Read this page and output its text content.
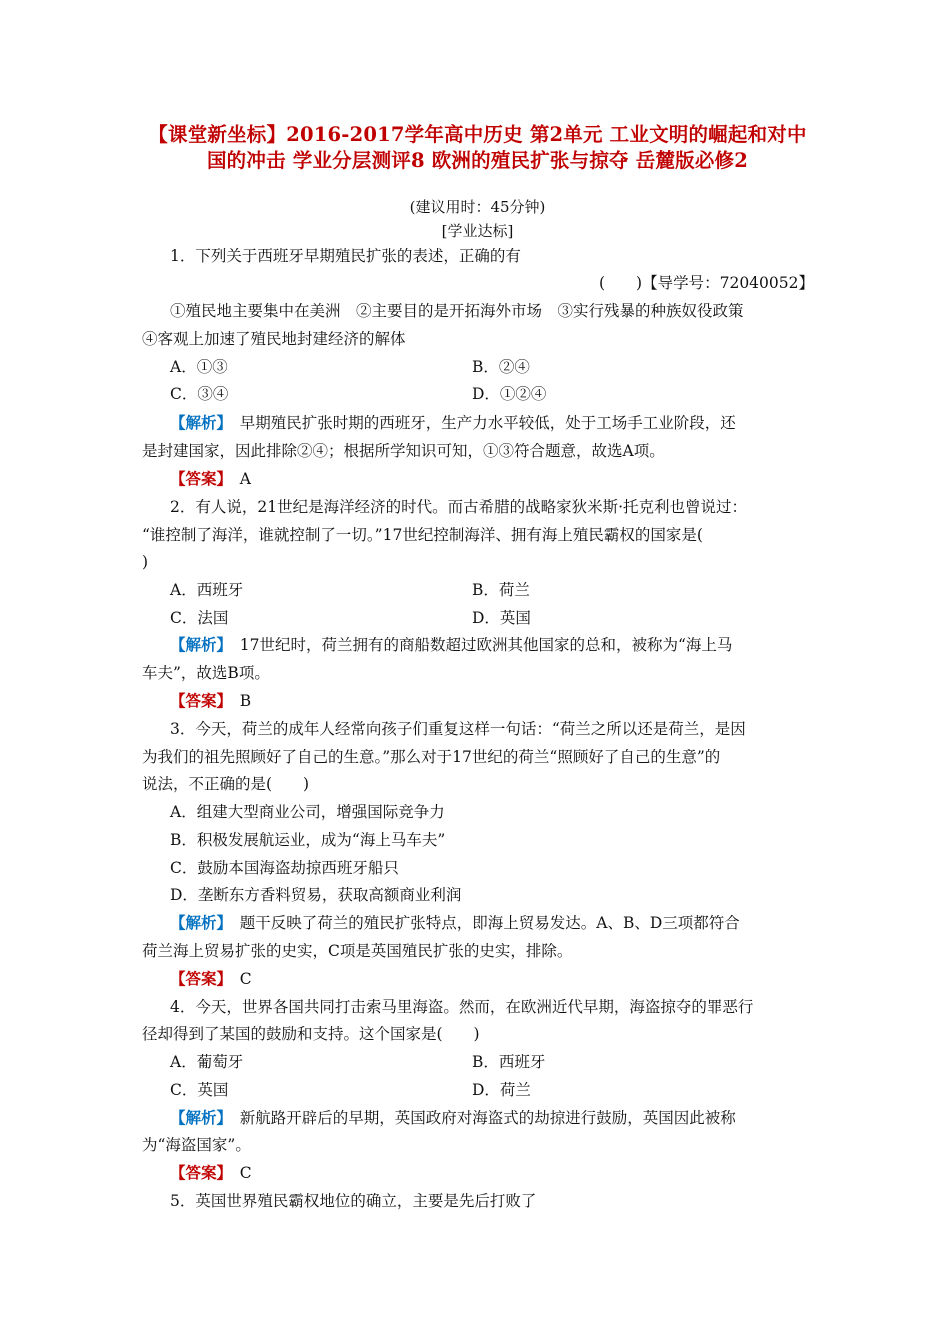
【课堂新坐标】2016-2017学年高中历史 第2单元 工业文明的崛起和对中国的冲击 学业分层测评8 欧洲的殖民扩张与掠夺 岳麓版必修2
(建议用时：45分钟)
[学业达标]
1．下列关于西班牙早期殖民扩张的表述，正确的有
(　　)【导学号：72040052】
①殖民地主要集中在美洲　②主要目的是开拓海外市场　③实行残暴的种族奴役政策
④客观上加速了殖民地封建经济的解体
A．①③	B．②④
C．③④	D．①②④
【解析】　早期殖民扩张时期的西班牙，生产力水平较低，处于工场手工业阶段，还
是封建国家，因此排除②④；根据所学知识可知，①③符合题意，故选A项。
【答案】　A
2．有人说，21世纪是海洋经济的时代。而古希腊的战略家狄米斯·托克利也曾说过：
“谁控制了海洋，谁就控制了一切。”17世纪控制海洋、拥有海上殖民霸权的国家是(
)
A．西班牙	B．荷兰
C．法国	D．英国
【解析】　17世纪时，荷兰拥有的商船数超过欧洲其他国家的总和，被称为“海上马
车夫”，故选B项。
【答案】　B
3．今天，荷兰的成年人经常向孩子们重复这样一句话：“荷兰之所以还是荷兰，是因
为我们的祖先照顾好了自己的生意。”那么对于17世纪的荷兰“照顾好了自己的生意”的
说法，不正确的是(　　)
A．组建大型商业公司，增强国际竞争力
B．积极发展航运业，成为“海上马车夫”
C．鼓励本国海盗劫掠西班牙船只
D．垄断东方香料贸易，获取高额商业利润
【解析】　题干反映了荷兰的殖民扩张特点，即海上贸易发达。A、B、D三项都符合
荷兰海上贸易扩张的史实，C项是英国殖民扩张的史实，排除。
【答案】　C
4．今天，世界各国共同打击索马里海盗。然而，在欧洲近代早期，海盗掠夺的罪恶行
径却得到了某国的鼓励和支持。这个国家是(　　)
A．葡萄牙	B．西班牙
C．英国	D．荷兰
【解析】　新航路开辟后的早期，英国政府对海盗式的劫掠进行鼓励，英国因此被称
为“海盗国家”。
【答案】　C
5．英国世界殖民霸权地位的确立，主要是先后打败了
